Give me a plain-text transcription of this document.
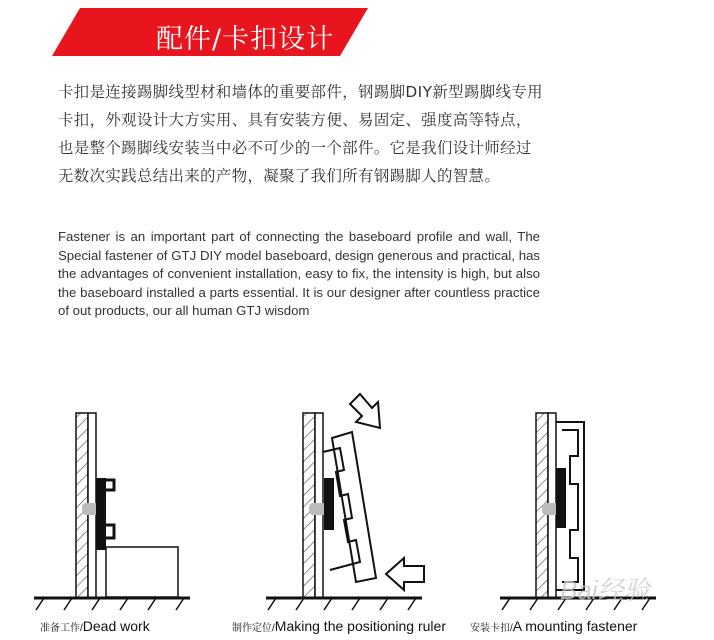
配件/卡扣设计

卡扣是连接踢脚线型材和墙体的重要部件，钢踢脚DIY新型踢脚线专用卡扣，外观设计大方实用、具有安装方便、易固定、强度高等特点，也是整个踢脚线安装当中必不可少的一个部件。它是我们设计师经过无数次实践总结出来的产物，凝聚了我们所有钢踢脚人的智慧。

Fastener is an important part of connecting the baseboard profile and wall, The Special fastener of GTJ DIY model baseboard, design generous and practical, has the advantages of convenient installation, easy to fix, the intensity is high, but also the baseboard installed a parts essential. It is our designer after countless practice of out products, our all human GTJ wisdom

准备工作/Dead work	制作定位/Making the positioning ruler 安装卡扣/A mounting fastener
Bai经验
